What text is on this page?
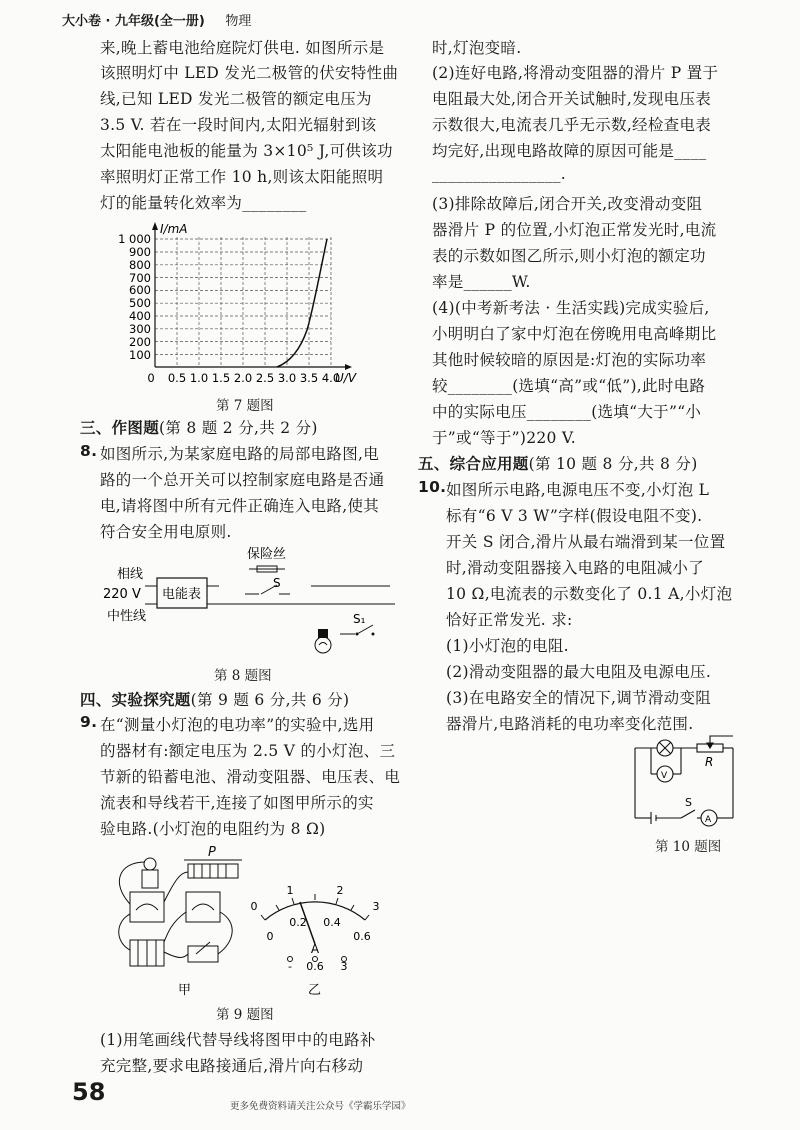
大小卷 · 九年级(全一册) 物理
来,晚上蓄电池给庭院灯供电. 如图所示是
该照明灯中 LED 发光二极管的伏安特性曲
线,已知 LED 发光二极管的额定电压为
3.5 V. 若在一段时间内,太阳光辐射到该
太阳能电池板的能量为 3×10⁵ J,可供该功
率照明灯正常工作 10 h,则该太阳能照明
灯的能量转化效率为________
I/mA
U/V
1 000
900
800
700
600
500
400
300
200
100
0 0.5 1.0 1.5 2.0 2.5 3.0 3.5 4.0
第 7 题图
三、作图题(第 8 题 2 分,共 2 分)
8. 如图所示,为某家庭电路的局部电路图,电
路的一个总开关可以控制家庭电路是否通
电,请将图中所有元件正确连入电路,使其
符合安全用电原则.
相线
220 V
中性线
电能表
保险丝
S
S₁
第 8 题图
四、实验探究题(第 9 题 6 分,共 6 分)
9. 在“测量小灯泡的电功率”的实验中,选用
的器材有:额定电压为 2.5 V 的小灯泡、三
节新的铅蓄电池、滑动变阻器、电压表、电
流表和导线若干,连接了如图甲所示的实
验电路.(小灯泡的电阻约为 8 Ω)
P
甲
0
1	2
3
0
0.2 0.4
0.6
A
- 0.6 3
乙
第 9 题图
(1)用笔画线代替导线将图甲中的电路补
充完整,要求电路接通后,滑片向右移动
时,灯泡变暗.
(2)连好电路,将滑动变阻器的滑片 P 置于
电阻最大处,闭合开关试触时,发现电压表
示数很大,电流表几乎无示数,经检查电表
均完好,出现电路故障的原因可能是____
________________.
(3)排除故障后,闭合开关,改变滑动变阻
器滑片 P 的位置,小灯泡正常发光时,电流
表的示数如图乙所示,则小灯泡的额定功
率是______W.
(4)(中考新考法 · 生活实践)完成实验后,
小明明白了家中灯泡在傍晚用电高峰期比
其他时候较暗的原因是:灯泡的实际功率
较________(选填“高”或“低”),此时电路
中的实际电压________(选填“大于”“小
于”或“等于”)220 V.
五、综合应用题(第 10 题 8 分,共 8 分)
10. 如图所示电路,电源电压不变,小灯泡 L
标有“6 V 3 W”字样(假设电阻不变).
开关 S 闭合,滑片从最右端滑到某一位置
时,滑动变阻器接入电路的电阻减小了
10 Ω,电流表的示数变化了 0.1 A,小灯泡
恰好正常发光. 求:
(1)小灯泡的电阻.
(2)滑动变阻器的最大电阻及电源电压.
(3)在电路安全的情况下,调节滑动变阻
器滑片,电路消耗的电功率变化范围.
R
V
A
S
第 10 题图
58
更多免费资料请关注公众号《学霸乐学园》
